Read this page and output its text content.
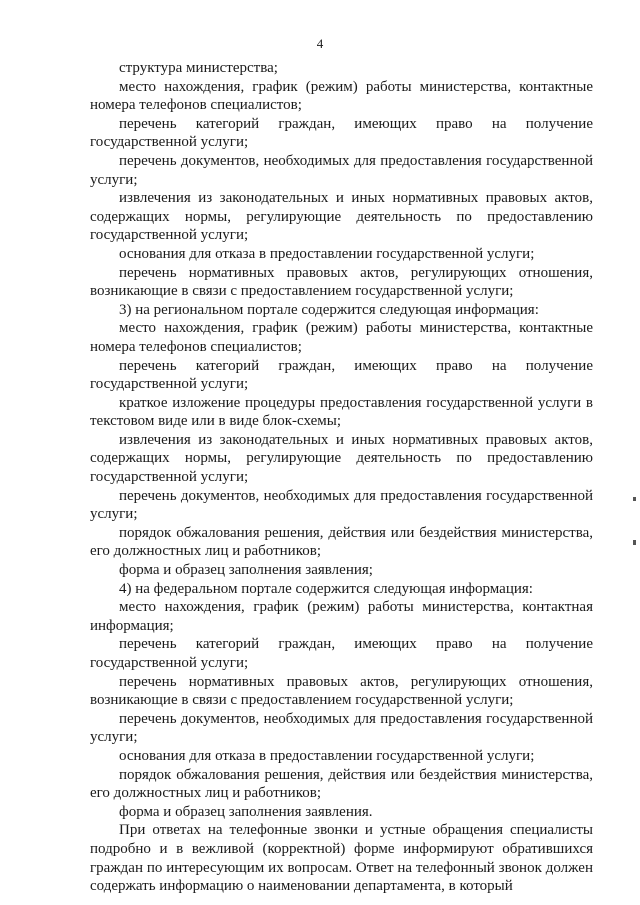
4

структура министерства;

место нахождения, график (режим) работы министерства, контактные номера телефонов специалистов;

перечень категорий граждан, имеющих право на получение государственной услуги;

перечень документов, необходимых для предоставления государственной услуги;

извлечения из законодательных и иных нормативных правовых актов, содержащих нормы, регулирующие деятельность по предоставлению государственной услуги;

основания для отказа в предоставлении государственной услуги;

перечень нормативных правовых актов, регулирующих отношения, возникающие в связи с предоставлением государственной услуги;

3) на региональном портале содержится следующая информация:

место нахождения, график (режим) работы министерства, контактные номера телефонов специалистов;

перечень категорий граждан, имеющих право на получение государственной услуги;

краткое изложение процедуры предоставления государственной услуги в текстовом виде или в виде блок-схемы;

извлечения из законодательных и иных нормативных правовых актов, содержащих нормы, регулирующие деятельность по предоставлению государственной услуги;

перечень документов, необходимых для предоставления государственной услуги;

порядок обжалования решения, действия или бездействия министерства, его должностных лиц и работников;

форма и образец заполнения заявления;

4) на федеральном портале содержится следующая информация:

место нахождения, график (режим) работы министерства, контактная информация;

перечень категорий граждан, имеющих право на получение государственной услуги;

перечень нормативных правовых актов, регулирующих отношения, возникающие в связи с предоставлением государственной услуги;

перечень документов, необходимых для предоставления государственной услуги;

основания для отказа в предоставлении государственной услуги;

порядок обжалования решения, действия или бездействия министерства, его должностных лиц и работников;

форма и образец заполнения заявления.

При ответах на телефонные звонки и устные обращения специалисты подробно и в вежливой (корректной) форме информируют обратившихся граждан по интересующим их вопросам. Ответ на телефонный звонок должен содержать информацию о наименовании департамента, в который
